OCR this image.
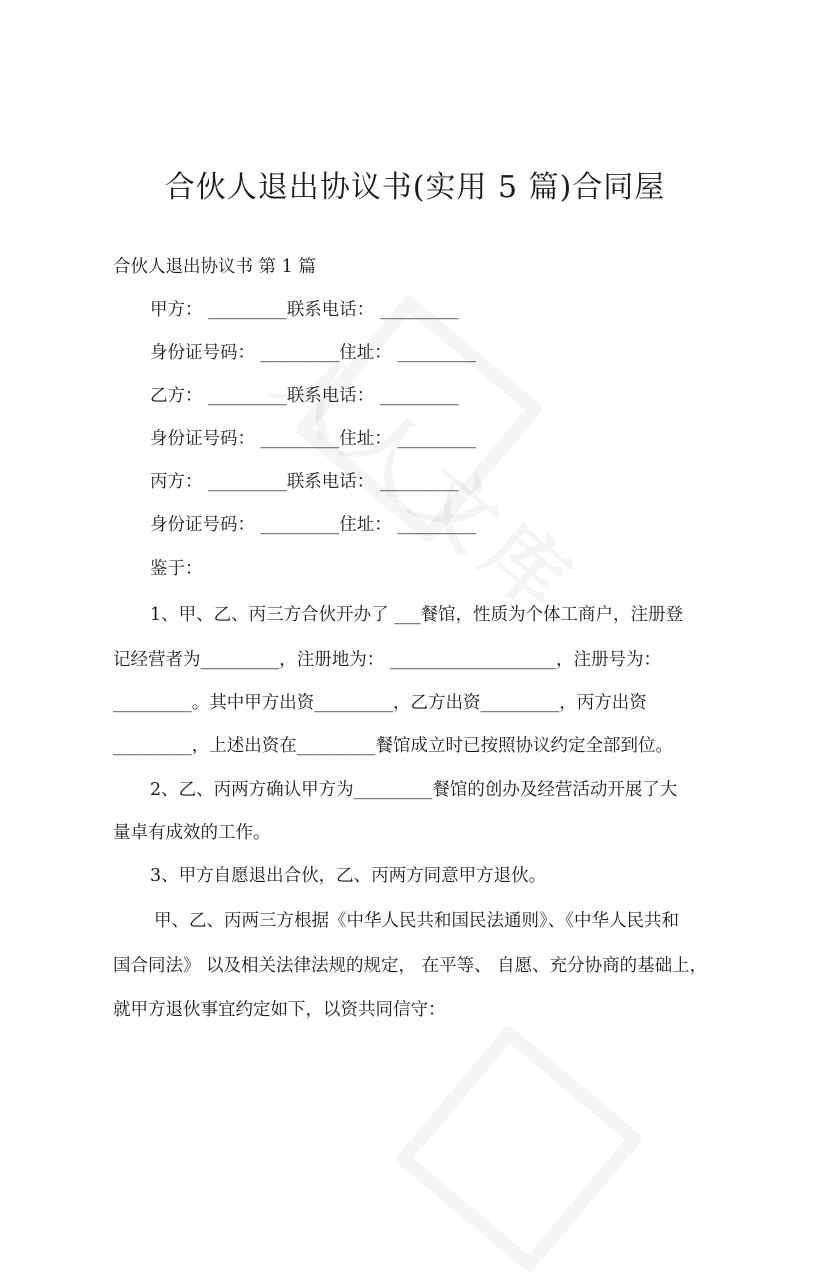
合伙人退出协议书(实用 5 篇)合同屋
合伙人退出协议书 第 1 篇
甲方： _________联系电话： _________
身份证号码： _________住址： _________
乙方： _________联系电话： _________
身份证号码： _________住址： _________
丙方： _________联系电话： _________
身份证号码： _________住址： _________
鉴于：
1、甲、乙、丙三方合伙开办了 ___餐馆，性质为个体工商户，注册登
记经营者为_________，注册地为： ___________________，注册号为：
_________。其中甲方出资_________，乙方出资_________，丙方出资
_________，上述出资在_________餐馆成立时已按照协议约定全部到位。
2、乙、丙两方确认甲方为_________餐馆的创办及经营活动开展了大
量卓有成效的工作。
3、甲方自愿退出合伙，乙、丙两方同意甲方退伙。
甲、乙、丙两三方根据《中华人民共和国民法通则》、《中华人民共和
国合同法》 以及相关法律法规的规定， 在平等、 自愿、充分协商的基础上，
就甲方退伙事宜约定如下，以资共同信守：
